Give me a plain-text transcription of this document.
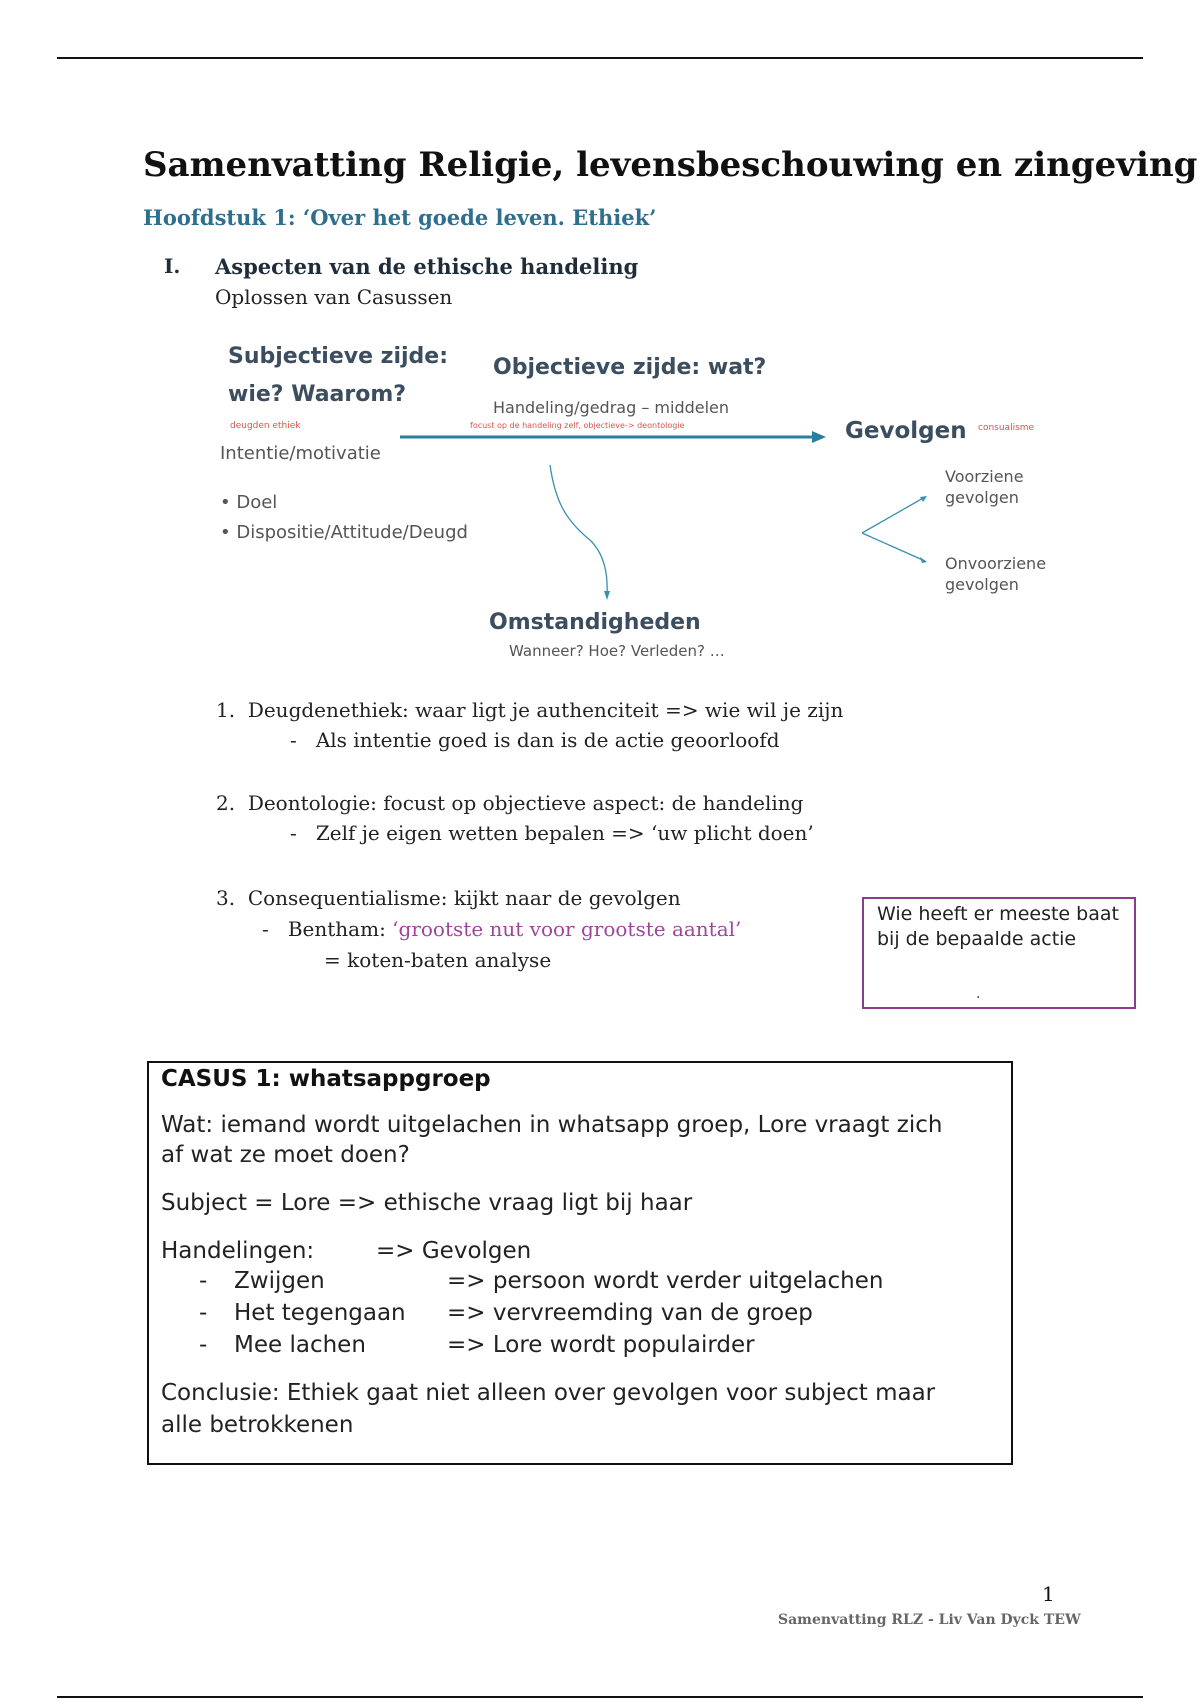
Samenvatting Religie, levensbeschouwing en zingeving
Hoofdstuk 1: ‘Over het goede leven. Ethiek’
I. Aspecten van de ethische handeling
Oplossen van Casussen
Subjectieve zijde:
wie? Waarom?
deugden ethiek
Intentie/motivatie
• Doel
• Dispositie/Attitude/Deugd
Objectieve zijde: wat?
Handeling/gedrag – middelen
focust op de handeling zelf, objectieve-> deontologie	Gevolgen consualisme
Voorziene
gevolgen
Onvoorziene
gevolgen
Omstandigheden
Wanneer? Hoe? Verleden? …
1. Deugdenethiek: waar ligt je authenciteit => wie wil je zijn
- Als intentie goed is dan is de actie geoorloofd
2. Deontologie: focust op objectieve aspect: de handeling
- Zelf je eigen wetten bepalen => ‘uw plicht doen’
3. Consequentialisme: kijkt naar de gevolgen
- Bentham: ‘grootste nut voor grootste aantal’
= koten-baten analyse
Wie heeft er meeste baat bij de bepaalde actie
.
CASUS 1: whatsappgroep
Wat: iemand wordt uitgelachen in whatsapp groep, Lore vraagt zich
af wat ze moet doen?
Subject = Lore => ethische vraag ligt bij haar
Handelingen:	=> Gevolgen
- Zwijgen	=> persoon wordt verder uitgelachen
- Het tegengaan => vervreemding van de groep
- Mee lachen	=> Lore wordt populairder
Conclusie: Ethiek gaat niet alleen over gevolgen voor subject maar
alle betrokkenen
1
Samenvatting RLZ - Liv Van Dyck TEW
